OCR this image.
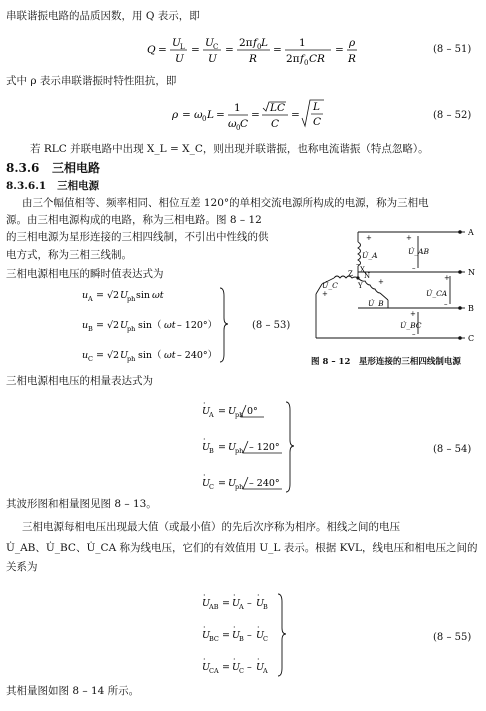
串联谐振电路的品质因数，用 Q 表示，即
Q =
U L
U
=
U C
U
=
2π f 0 L
R
=
1
2π f 0 CR
=
ρ
R
(8 – 51)
式中 ρ 表示串联谐振时特性阻抗，即
ρ = ω 0 L =
1
ω 0 C
=
LC
C
=
L
C
(8 – 52)
若 RLC 并联电路中出现 X_L = X_C，则出现并联谐振，也称电流谐振（特点忽略）。
8.3.6 三相电路
8.3.6.1 三相电源
由三个幅值相等、频率相同、相位互差 120°的单相交流电源所构成的电源，称为三相电
源。由三相电源构成的电路，称为三相电路。图 8 – 12
的三相电源为星形连接的三相四线制，不引出中性线的供
电方式，称为三相三线制。
三相电源相电压的瞬时值表达式为
u A = √2 U
ph sin ωt
u B = √2 U
ph sin（ ωt – 120°）
u C = √2 U
ph sin（ ωt – 240°）
(8 – 53)
A
N
B
C
U̇_A
U̇_C
U̇_B
U̇_AB
U̇_CA
U̇_BC
Z X
N
Y
+	+
–
+
–
+
–
+
+
–
图 8 – 12　星形连接的三相四线制电源
三相电源相电压的相量表达式为
U
A
·
= U
ph 0°
U
B
·
= U
ph – 120°
U
C
·
= U
ph – 240°
(8 – 54)
其波形图和相量图见图 8 – 13。
三相电源每相电压出现最大值（或最小值）的先后次序称为相序。相线之间的电压
U̇_AB、U̇_BC、U̇_CA 称为线电压，它们的有效值用 U_L 表示。根据 KVL，线电压和相电压之间的
关系为
U
AB
·
= U
A
·
– U
B
·
U
BC
·
= U
B
·
– U
C
·
U
CA
·
= U
C
·
– U
A
·
(8 – 55)
其相量图如图 8 – 14 所示。
